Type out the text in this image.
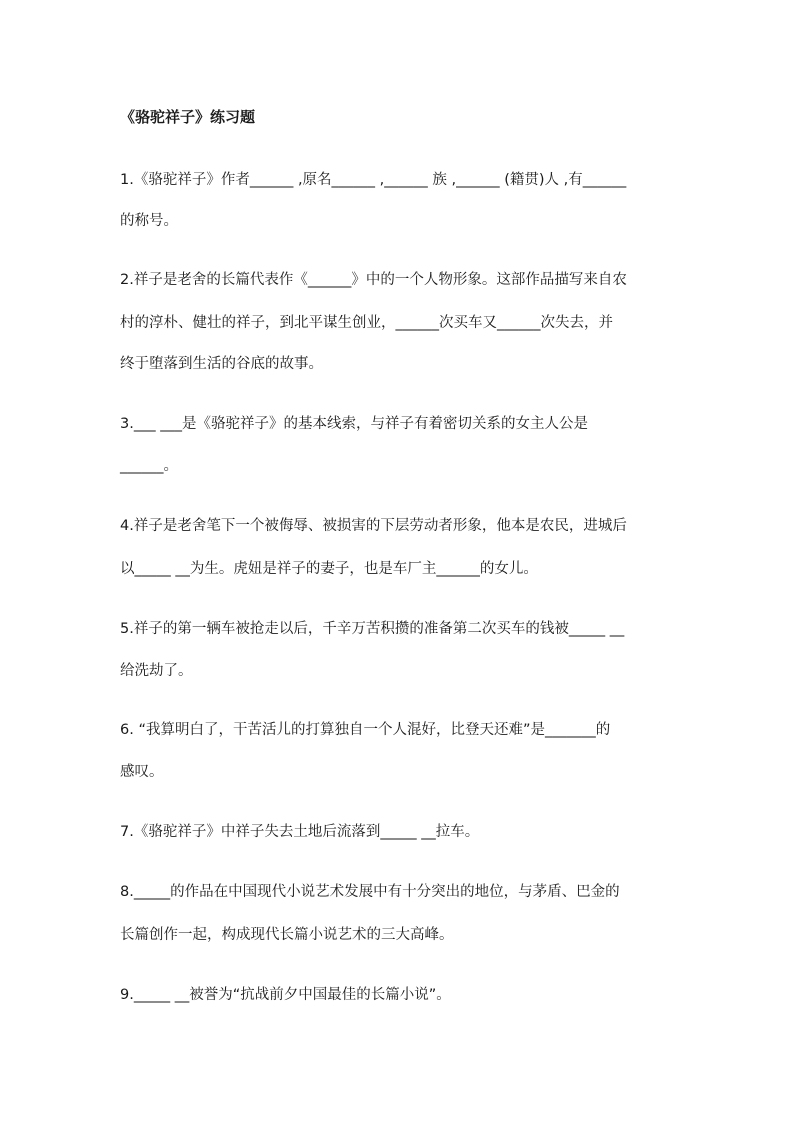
《骆驼祥子》练习题
1.《骆驼祥子》作者______ ,原名______ ,______ 族 ,______ (籍贯)人 ,有______
的称号。
2.祥子是老舍的长篇代表作《______》中的一个人物形象。这部作品描写来自农
村的淳朴、健壮的祥子，到北平谋生创业，______次买车又______次失去，并
终于堕落到生活的谷底的故事。
3.___ ___是《骆驼祥子》的基本线索，与祥子有着密切关系的女主人公是
______。
4.祥子是老舍笔下一个被侮辱、被损害的下层劳动者形象，他本是农民，进城后
以_____ __为生。虎妞是祥子的妻子，也是车厂主______的女儿。
5.祥子的第一辆车被抢走以后，千辛万苦积攒的准备第二次买车的钱被_____ __
给洗劫了。
6. “我算明白了，干苦活儿的打算独自一个人混好，比登天还难”是_______的
感叹。
7.《骆驼祥子》中祥子失去土地后流落到_____ __拉车。
8._____的作品在中国现代小说艺术发展中有十分突出的地位，与茅盾、巴金的
长篇创作一起，构成现代长篇小说艺术的三大高峰。
9._____ __被誉为“抗战前夕中国最佳的长篇小说”。
